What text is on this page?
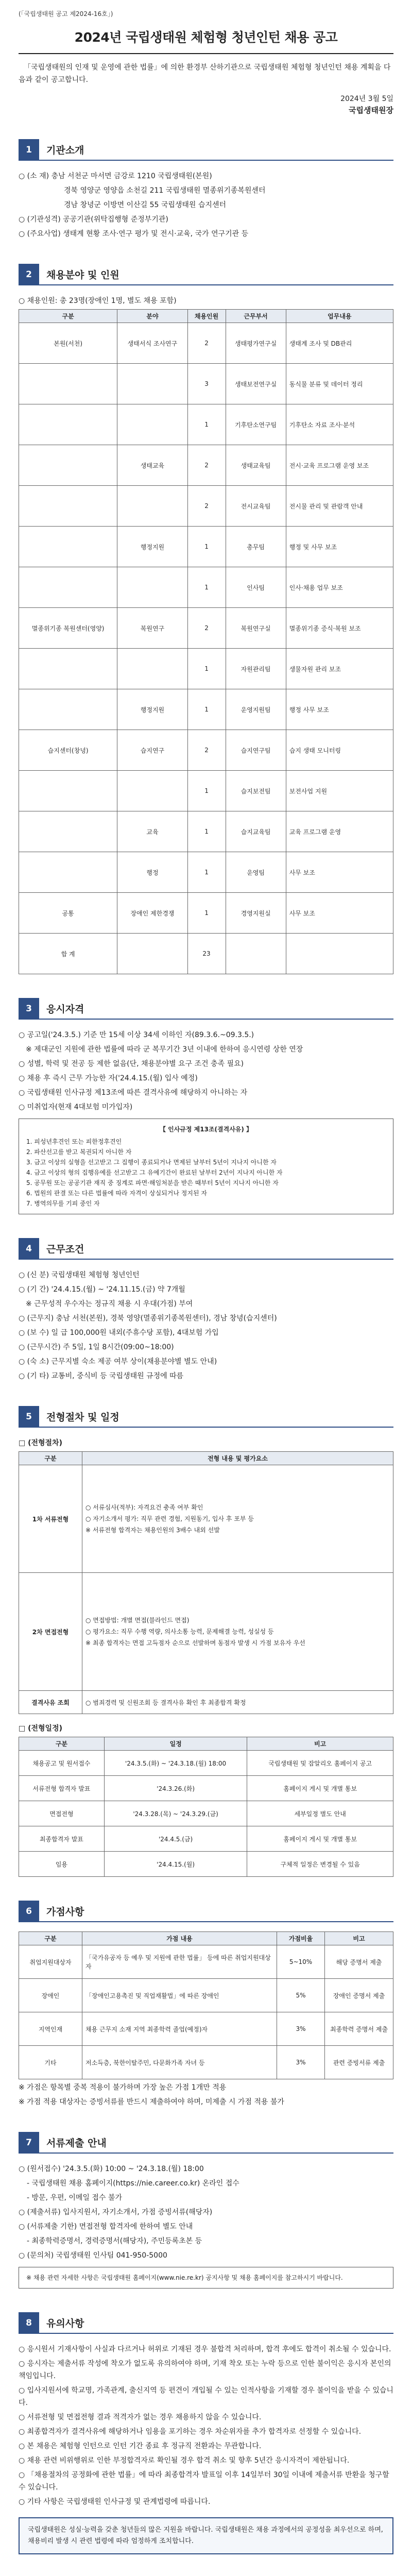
(「국립생태원 공고 제2024-16호」)
2024년 국립생태원 체험형 청년인턴 채용 공고
「국립생태원의 인재 및 운영에 관한 법률」에 의한 환경부 산하기관으로 국립생태원 체험형 청년인턴 채용 계획을 다음과 같이 공고합니다.
2024년 3월 5일
국립생태원장
1	기관소개

○ (소 재) 충남 서천군 마서면 금강로 1210 국립생태원(본원)

경북 영양군 영양읍 소천길 211 국립생태원 멸종위기종복원센터

경남 창녕군 이방면 이산길 55 국립생태원 습지센터

○ (기관성격) 공공기관(위탁집행형 준정부기관)

○ (주요사업) 생태계 현황 조사·연구 평가 및 전시·교육, 국가 연구기관 등

2	채용분야 및 인원

○ 채용인원: 총 23명(장애인 1명, 별도 채용 포함)

구분	분야	채용인원	근무부서	업무내용
본원(서천)	생태서식 조사연구	2	생태평가연구실	생태계 조사 및 DB관리
		3	생태보전연구실	동식물 분류 및 데이터 정리
		1	기후탄소연구팀	기후탄소 자료 조사·분석
	생태교육	2	생태교육팀	전시·교육 프로그램 운영 보조
		2	전시교육팀	전시물 관리 및 관람객 안내
	행정지원	1	총무팀	행정 및 사무 보조
		1	인사팀	인사·채용 업무 보조
멸종위기종 복원센터(영양)	복원연구	2	복원연구실	멸종위기종 증식·복원 보조
		1	자원관리팀	생물자원 관리 보조
	행정지원	1	운영지원팀	행정 사무 보조
습지센터(창녕)	습지연구	2	습지연구팀	습지 생태 모니터링
		1	습지보전팀	보전사업 지원
	교육	1	습지교육팀	교육 프로그램 운영
	행정	1	운영팀	사무 보조
공통	장애인 제한경쟁	1	경영지원실	사무 보조
합 계		23		
3	응시자격

○ 공고일('24.3.5.) 기준 만 15세 이상 34세 이하인 자(89.3.6.~09.3.5.)

※ 제대군인 지원에 관한 법률에 따라 군 복무기간 3년 이내에 한하여 응시연령 상한 연장

○ 성별, 학력 및 전공 등 제한 없음(단, 채용분야별 요구 조건 충족 필요)

○ 채용 후 즉시 근무 가능한 자('24.4.15.(월) 입사 예정)

○ 국립생태원 인사규정 제13조에 따른 결격사유에 해당하지 아니하는 자

○ 미취업자(현재 4대보험 미가입자)

【 인사규정 제13조(결격사유) 】
1. 피성년후견인 또는 피한정후견인
2. 파산선고를 받고 복권되지 아니한 자
3. 금고 이상의 실형을 선고받고 그 집행이 종료되거나 면제된 날부터 5년이 지나지 아니한 자
4. 금고 이상의 형의 집행유예를 선고받고 그 유예기간이 완료된 날부터 2년이 지나지 아니한 자
5. 공무원 또는 공공기관 재직 중 징계로 파면·해임처분을 받은 때부터 5년이 지나지 아니한 자
6. 법원의 판결 또는 다른 법률에 따라 자격이 상실되거나 정지된 자
7. 병역의무를 기피 중인 자
4	근무조건

○ (신 분) 국립생태원 체험형 청년인턴

○ (기 간) '24.4.15.(월) ~ '24.11.15.(금) 약 7개월

※ 근무성적 우수자는 정규직 채용 시 우대(가점) 부여

○ (근무지) 충남 서천(본원), 경북 영양(멸종위기종복원센터), 경남 창녕(습지센터)

○ (보 수) 일 급 100,000원 내외(주휴수당 포함), 4대보험 가입

○ (근무시간) 주 5일, 1일 8시간(09:00~18:00)

○ (숙 소) 근무지별 숙소 제공 여부 상이(채용분야별 별도 안내)

○ (기 타) 교통비, 중식비 등 국립생태원 규정에 따름

5	전형절차 및 일정

□ (전형절차)

구분	전형 내용 및 평가요소
1차 서류전형	○ 서류심사(적부): 자격요건 충족 여부 확인
○ 자기소개서 평가: 직무 관련 경험, 지원동기, 입사 후 포부 등
※ 서류전형 합격자는 채용인원의 3배수 내외 선발
2차 면접전형	○ 면접방법: 개별 면접(블라인드 면접)
○ 평가요소: 직무 수행 역량, 의사소통 능력, 문제해결 능력, 성실성 등
※ 최종 합격자는 면접 고득점자 순으로 선발하며 동점자 발생 시 가점 보유자 우선
결격사유 조회	○ 범죄경력 및 신원조회 등 결격사유 확인 후 최종합격 확정

□ (전형일정)

구분	일정	비고
채용공고 및 원서접수	'24.3.5.(화) ~ '24.3.18.(월) 18:00	국립생태원 및 잡알리오 홈페이지 공고
서류전형 합격자 발표	'24.3.26.(화)	홈페이지 게시 및 개별 통보
면접전형	'24.3.28.(목) ~ '24.3.29.(금)	세부일정 별도 안내
최종합격자 발표	'24.4.5.(금)	홈페이지 게시 및 개별 통보
임용	'24.4.15.(월)	구체적 일정은 변경될 수 있음
6	가점사항
구분	가점 내용	가점비율	비고
취업지원대상자	「국가유공자 등 예우 및 지원에 관한 법률」 등에 따른 취업지원대상자	5~10%	해당 증명서 제출
장애인	「장애인고용촉진 및 직업재활법」에 따른 장애인	5%	장애인 증명서 제출
지역인재	채용 근무지 소재 지역 최종학력 졸업(예정)자	3%	최종학력 증명서 제출
기타	저소득층, 북한이탈주민, 다문화가족 자녀 등	3%	관련 증빙서류 제출

※ 가점은 항목별 중복 적용이 불가하며 가장 높은 가점 1개만 적용

※ 가점 적용 대상자는 증빙서류를 반드시 제출하여야 하며, 미제출 시 가점 적용 불가

7	서류제출 안내

○ (원서접수) '24.3.5.(화) 10:00 ~ '24.3.18.(월) 18:00

- 국립생태원 채용 홈페이지(https://nie.career.co.kr) 온라인 접수

- 방문, 우편, 이메일 접수 불가

○ (제출서류) 입사지원서, 자기소개서, 가점 증빙서류(해당자)

○ (서류제출 기한) 면접전형 합격자에 한하여 별도 안내

- 최종학력증명서, 경력증명서(해당자), 주민등록초본 등

○ (문의처) 국립생태원 인사팀 041-950-5000

※ 채용 관련 자세한 사항은 국립생태원 홈페이지(www.nie.re.kr) 공지사항 및 채용 홈페이지를 참고하시기 바랍니다.
8	유의사항

○ 응시원서 기재사항이 사실과 다르거나 허위로 기재된 경우 불합격 처리하며, 합격 후에도 합격이 취소될 수 있습니다.

○ 응시자는 제출서류 작성에 착오가 없도록 유의하여야 하며, 기재 착오 또는 누락 등으로 인한 불이익은 응시자 본인의 책임입니다.

○ 입사지원서에 학교명, 가족관계, 출신지역 등 편견이 개입될 수 있는 인적사항을 기재할 경우 불이익을 받을 수 있습니다.

○ 서류전형 및 면접전형 결과 적격자가 없는 경우 채용하지 않을 수 있습니다.

○ 최종합격자가 결격사유에 해당하거나 임용을 포기하는 경우 차순위자를 추가 합격자로 선정할 수 있습니다.

○ 본 채용은 체험형 인턴으로 인턴 기간 종료 후 정규직 전환과는 무관합니다.

○ 채용 관련 비위행위로 인한 부정합격자로 확인될 경우 합격 취소 및 향후 5년간 응시자격이 제한됩니다.

○ 「채용절차의 공정화에 관한 법률」에 따라 최종합격자 발표일 이후 14일부터 30일 이내에 제출서류 반환을 청구할 수 있습니다.

○ 기타 사항은 국립생태원 인사규정 및 관계법령에 따릅니다.

국립생태원은 성실·능력을 갖춘 청년들의 많은 지원을 바랍니다. 국립생태원은 채용 과정에서의 공정성을 최우선으로 하며, 채용비리 발생 시 관련 법령에 따라 엄정하게 조치합니다.
